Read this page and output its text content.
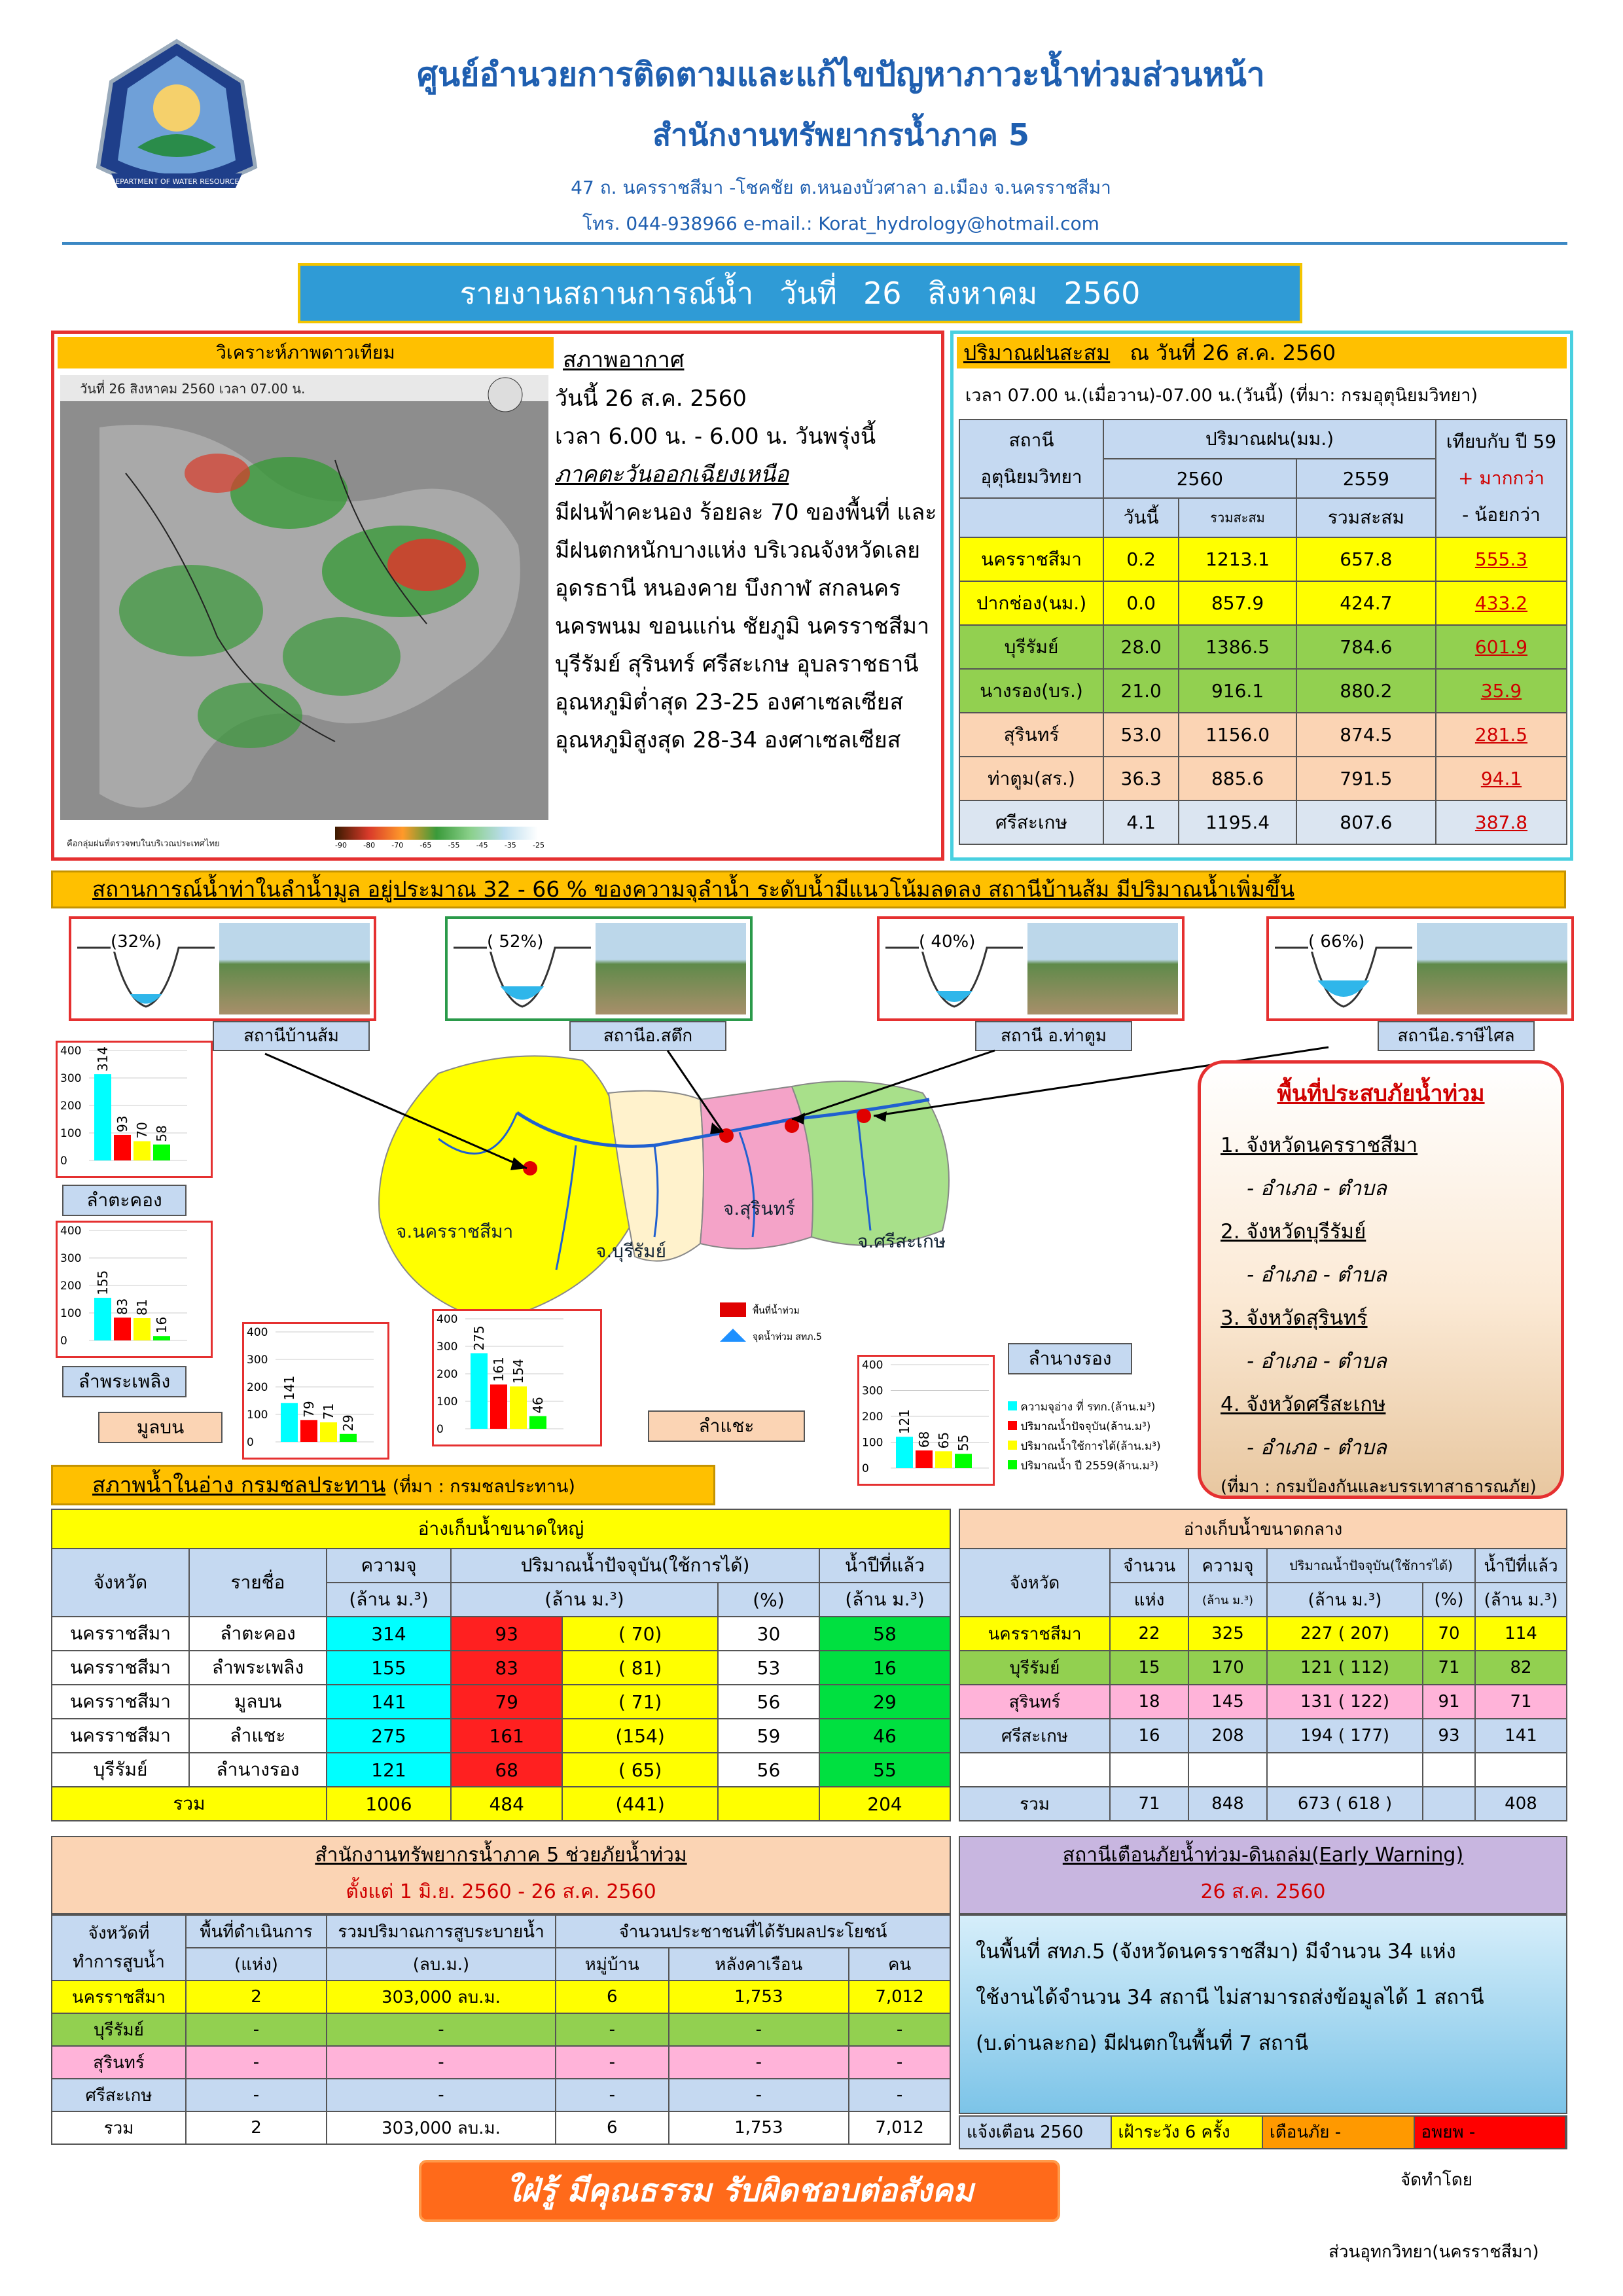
DEPARTMENT OF WATER RESOURCES
ศูนย์อำนวยการติดตามและแก้ไขปัญหาภาวะน้ำท่วมส่วนหน้า
สำนักงานทรัพยากรน้ำภาค 5
47 ถ. นครราชสีมา -โชคชัย ต.หนองบัวศาลา อ.เมือง จ.นครราชสีมา
โทร. 044-938966 e-mail.: Korat_hydrology@hotmail.com
รายงานสถานการณ์น้ำ วันที่ 26 สิงหาคม 2560
วิเคราะห์ภาพดาวเทียม
วันที่ 26 สิงหาคม 2560 เวลา 07.00 น.
คือกลุ่มฝนที่ตรวจพบในบริเวณประเทศไทย	-90 -80 -70 -65 -55 -45 -35 -25
สภาพอากาศ
วันนี้ 26 ส.ค. 2560
เวลา 6.00 น. - 6.00 น. วันพรุ่งนี้
ภาคตะวันออกเฉียงเหนือ
มีฝนฟ้าคะนอง ร้อยละ 70 ของพื้นที่ และ
มีฝนตกหนักบางแห่ง บริเวณจังหวัดเลย
อุดรธานี หนองคาย บึงกาฬ สกลนคร
นครพนม ขอนแก่น ชัยภูมิ นครราชสีมา
บุรีรัมย์ สุรินทร์ ศรีสะเกษ อุบลราชธานี
อุณหภูมิต่ำสุด 23-25 องศาเซลเซียส
อุณหภูมิสูงสุด 28-34 องศาเซลเซียส
ปริมาณฝนสะสม ณ วันที่ 26 ส.ค. 2560
เวลา 07.00 น.(เมื่อวาน)-07.00 น.(วันนี้) (ที่มา: กรมอุตุนิยมวิทยา)
สถานี
อุตุนิยมวิทยา	ปริมาณฝน(มม.)			เทียบกับ ปี 59
+ มากกว่า
- น้อยกว่า
	2560		2559	
	วันนี้	รวมสะสม	รวมสะสม	
นครราชสีมา	0.2	1213.1	657.8	555.3
ปากช่อง(นม.)	0.0	857.9	424.7	433.2
บุรีรัมย์	28.0	1386.5	784.6	601.9
นางรอง(บร.)	21.0	916.1	880.2	35.9
สุรินทร์	53.0	1156.0	874.5	281.5
ท่าตูม(สร.)	36.3	885.6	791.5	94.1
ศรีสะเกษ	4.1	1195.4	807.6	387.8
สถานการณ์น้ำท่าในลำน้ำมูล อยู่ประมาณ 32 - 66 % ของความจุลำน้ำ ระดับน้ำมีแนวโน้มลดลง สถานีบ้านส้ม มีปริมาณน้ำเพิ่มขึ้น
(32%)
สถานีบ้านส้ม
( 52%)
สถานีอ.สตึก
( 40%)
สถานี อ.ท่าตูม
( 66%)
สถานีอ.ราษีไศล
จ.นครราชสีมา
จ.บุรีรัมย์
จ.สุรินทร์
จ.ศรีสะเกษ
พื้นที่น้ำท่วม
จุดน้ำท่วม สทภ.5
พื้นที่ประสบภัยน้ำท่วม
1. จังหวัดนครราชสีมา
- อำเภอ - ตำบล
2. จังหวัดบุรีรัมย์
- อำเภอ - ตำบล
3. จังหวัดสุรินทร์
- อำเภอ - ตำบล
4. จังหวัดศรีสะเกษ
- อำเภอ - ตำบล
(ที่มา : กรมป้องกันและบรรเทาสาธารณภัย)
400
300
200
100
0
314
93 70 58
ลำตะคอง
400
300
200
100
0
155
83 81
16
ลำพระเพลิง
400
300
200
100
0
141
79 71
29
มูลบน
400
300
200
100
0
275
161 154
46
ลำแชะ
400
300
200
100
0
121
68 65 55
ลำนางรอง
ความจุอ่าง ที่ รทก.(ล้าน.ม³)
ปริมาณน้ำปัจจุบัน(ล้าน.ม³)
ปริมาณน้ำใช้การได้(ล้าน.ม³)
ปริมาณน้ำ ปี 2559(ล้าน.ม³)
สภาพน้ำในอ่าง กรมชลประทาน (ที่มา : กรมชลประทาน)
อ่างเก็บน้ำขนาดใหญ่						
จังหวัด	รายชื่อ	ความจุ	ปริมาณน้ำปัจจุบัน(ใช้การได้)			น้ำปีที่แล้ว
		(ล้าน ม.³)	(ล้าน ม.³)		(%)	(ล้าน ม.³)
นครราชสีมา	ลำตะคอง	314	93	( 70)	30	58
นครราชสีมา	ลำพระเพลิง	155	83	( 81)	53	16
นครราชสีมา	มูลบน	141	79	( 71)	56	29
นครราชสีมา	ลำแชะ	275	161	(154)	59	46
บุรีรัมย์	ลำนางรอง	121	68	( 65)	56	55
รวม		1006	484	(441)		204
อ่างเก็บน้ำขนาดกลาง					
จังหวัด	จำนวน	ความจุ	ปริมาณน้ำปัจจุบัน(ใช้การได้)		น้ำปีที่แล้ว
	แห่ง	(ล้าน ม.³)	(ล้าน ม.³)	(%)	(ล้าน ม.³)
นครราชสีมา	22	325	227 ( 207)	70	114
บุรีรัมย์	15	170	121 ( 112)	71	82
สุรินทร์	18	145	131 ( 122)	91	71
ศรีสะเกษ	16	208	194 ( 177)	93	141

รวม	71	848	673 ( 618 )		408
สำนักงานทรัพยากรน้ำภาค 5 ช่วยภัยน้ำท่วม
ตั้งแต่ 1 มิ.ย. 2560 - 26 ส.ค. 2560
จังหวัดที่
ทำการสูบน้ำ	พื้นที่ดำเนินการ	รวมปริมาณการสูบระบายน้ำ	จำนวนประชาชนที่ได้รับผลประโยชน์		
	(แห่ง)	(ลบ.ม.)	หมู่บ้าน	หลังคาเรือน	คน
นครราชสีมา	2	303,000 ลบ.ม.	6	1,753	7,012
บุรีรัมย์	-	-	-	-	-
สุรินทร์	-	-	-	-	-
ศรีสะเกษ	-	-	-	-	-
รวม	2	303,000 ลบ.ม.	6	1,753	7,012
สถานีเตือนภัยน้ำท่วม-ดินถล่ม(Early Warning)
26 ส.ค. 2560
ในพื้นที่ สทภ.5 (จังหวัดนครราชสีมา) มีจำนวน 34 แห่ง
ใช้งานได้จำนวน 34 สถานี ไม่สามารถส่งข้อมูลได้ 1 สถานี
(บ.ด่านละกอ) มีฝนตกในพื้นที่ 7 สถานี
แจ้งเตือน 2560	เฝ้าระวัง 6 ครั้ง	เตือนภัย -	อพยพ -
ใฝ่รู้ มีคุณธรรม รับผิดชอบต่อสังคม	จัดทำโดย
ส่วนอุทกวิทยา(นครราชสีมา)
